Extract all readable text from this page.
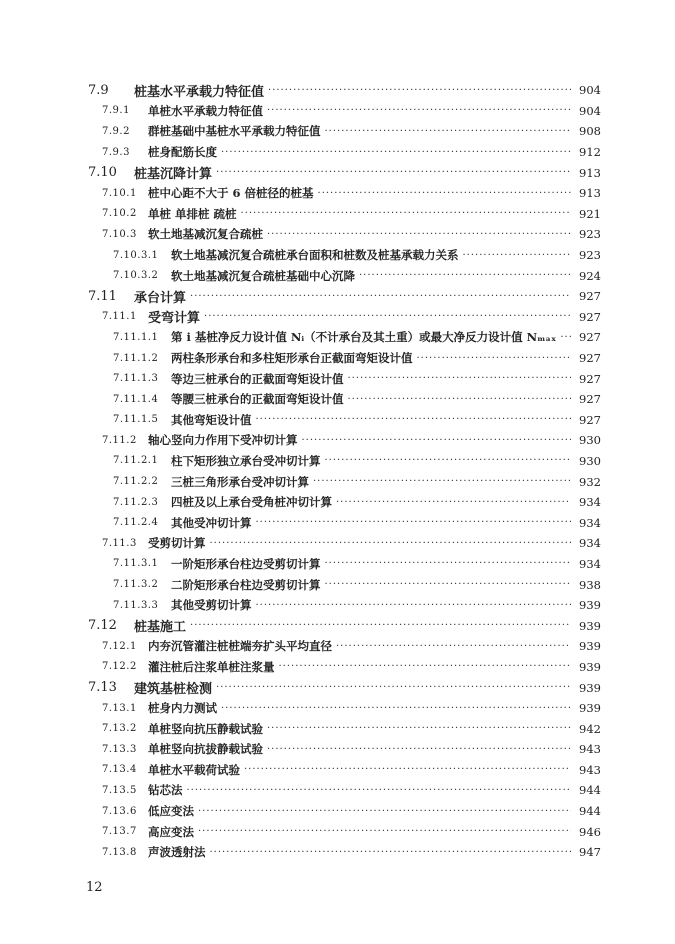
7.9	桩基水平承载力特征值 ·····	904
7.9.1	单桩水平承载力特征值 ·····	904
7.9.2	群桩基础中基桩水平承载力特征值 ·····	908
7.9.3	桩身配筋长度 ·····	912
7.10	桩基沉降计算 ·····	913
7.10.1 桩中心距不大于 6 倍桩径的桩基 ·····	913
7.10.2 单桩 单排桩 疏桩 ·····	921
7.10.3 软土地基减沉复合疏桩 ·····	923
7.10.3.1	软土地基减沉复合疏桩承台面积和桩数及桩基承载力关系 ·····	923
7.10.3.2	软土地基减沉复合疏桩基础中心沉降 ·····	924
7.11	承台计算 ·····	927
7.11.1 受弯计算 ·····	927
7.11.1.1	第 i 基桩净反力设计值 Nᵢ（不计承台及其土重）或最大净反力设计值 Nₘₐₓ ·····	927
7.11.1.2	两柱条形承台和多柱矩形承台正截面弯矩设计值 ·····	927
7.11.1.3	等边三桩承台的正截面弯矩设计值 ·····	927
7.11.1.4	等腰三桩承台的正截面弯矩设计值 ·····	927
7.11.1.5	其他弯矩设计值 ·····	927
7.11.2 轴心竖向力作用下受冲切计算 ·····	930
7.11.2.1	柱下矩形独立承台受冲切计算 ·····	930
7.11.2.2	三桩三角形承台受冲切计算 ·····	932
7.11.2.3	四桩及以上承台受角桩冲切计算 ·····	934
7.11.2.4	其他受冲切计算 ·····	934
7.11.3 受剪切计算 ·····	934
7.11.3.1	一阶矩形承台柱边受剪切计算 ·····	934
7.11.3.2	二阶矩形承台柱边受剪切计算 ·····	938
7.11.3.3	其他受剪切计算 ·····	939
7.12	桩基施工 ·····	939
7.12.1 内夯沉管灌注桩桩端夯扩头平均直径 ·····	939
7.12.2 灌注桩后注浆单桩注浆量 ·····	939
7.13	建筑基桩检测 ·····	939
7.13.1 桩身内力测试 ·····	939
7.13.2 单桩竖向抗压静载试验 ·····	942
7.13.3 单桩竖向抗拔静载试验 ·····	943
7.13.4 单桩水平载荷试验 ·····	943
7.13.5 钻芯法 ·····	944
7.13.6 低应变法 ·····	944
7.13.7 高应变法 ·····	946
7.13.8 声波透射法 ·····	947
12
